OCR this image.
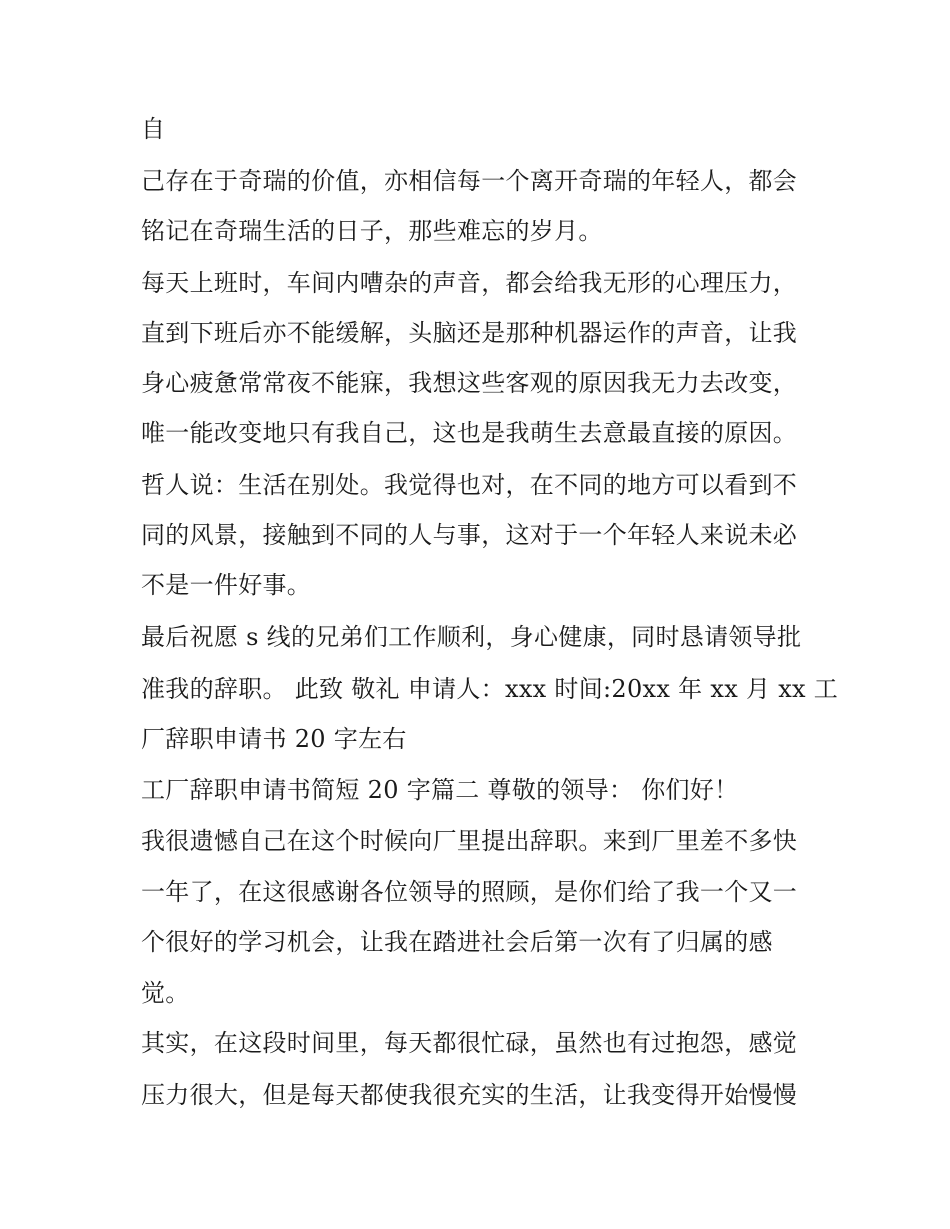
自

己存在于奇瑞的价值，亦相信每一个离开奇瑞的年轻人，都会

铭记在奇瑞生活的日子，那些难忘的岁月。

每天上班时，车间内嘈杂的声音，都会给我无形的心理压力，

直到下班后亦不能缓解，头脑还是那种机器运作的声音，让我

身心疲惫常常夜不能寐，我想这些客观的原因我无力去改变，

唯一能改变地只有我自己，这也是我萌生去意最直接的原因。

哲人说：生活在别处。我觉得也对，在不同的地方可以看到不

同的风景，接触到不同的人与事，这对于一个年轻人来说未必

不是一件好事。

最后祝愿 s 线的兄弟们工作顺利，身心健康，同时恳请领导批

准我的辞职。 此致 敬礼 申请人：xxx 时间:20xx 年 xx 月 xx 工

厂辞职申请书 20 字左右

工厂辞职申请书简短 20 字篇二 尊敬的领导： 你们好！

我很遗憾自己在这个时候向厂里提出辞职。来到厂里差不多快

一年了，在这很感谢各位领导的照顾，是你们给了我一个又一

个很好的学习机会，让我在踏进社会后第一次有了归属的感

觉。

其实，在这段时间里，每天都很忙碌，虽然也有过抱怨，感觉

压力很大，但是每天都使我很充实的生活，让我变得开始慢慢
